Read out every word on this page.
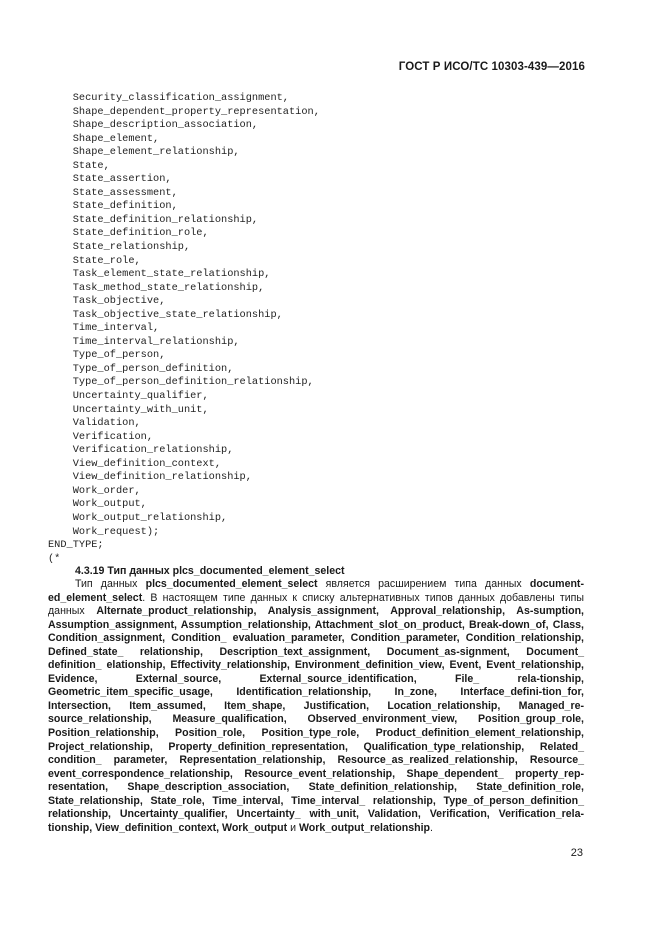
ГОСТ Р ИСО/ТС 10303-439—2016
Security_classification_assignment,
Shape_dependent_property_representation,
Shape_description_association,
Shape_element,
Shape_element_relationship,
State,
State_assertion,
State_assessment,
State_definition,
State_definition_relationship,
State_definition_role,
State_relationship,
State_role,
Task_element_state_relationship,
Task_method_state_relationship,
Task_objective,
Task_objective_state_relationship,
Time_interval,
Time_interval_relationship,
Type_of_person,
Type_of_person_definition,
Type_of_person_definition_relationship,
Uncertainty_qualifier,
Uncertainty_with_unit,
Validation,
Verification,
Verification_relationship,
View_definition_context,
View_definition_relationship,
Work_order,
Work_output,
Work_output_relationship,
Work_request);
END_TYPE;
(*
4.3.19 Тип данных plcs_documented_element_select
Тип данных plcs_documented_element_select является расширением типа данных document-ed_element_select. В настоящем типе данных к списку альтернативных типов данных добавлены типы данных Alternate_product_relationship, Analysis_assignment, Approval_relationship, As-sumption, Assumption_assignment, Assumption_relationship, Attachment_slot_on_product, Break-down_of, Class, Condition_assignment, Condition_ evaluation_parameter, Condition_parameter, Condition_relationship, Defined_state_ relationship, Description_text_assignment, Document_as-signment, Document_ definition_ elationship, Effectivity_relationship, Environment_definition_view, Event, Event_relationship, Evidence, External_source, External_source_identification, File_ rela-tionship, Geometric_item_specific_usage, Identification_relationship, In_zone, Interface_defini-tion_for, Intersection, Item_assumed, Item_shape, Justification, Location_relationship, Managed_re-source_relationship, Measure_qualification, Observed_environment_view, Position_group_role, Position_relationship, Position_role, Position_type_role, Product_definition_element_relationship, Project_relationship, Property_definition_representation, Qualification_type_relationship, Related_ condition_ parameter, Representation_relationship, Resource_as_realized_relationship, Resource_ event_correspondence_relationship, Resource_event_relationship, Shape_dependent_ property_rep-resentation, Shape_description_association, State_definition_relationship, State_definition_role, State_relationship, State_role, Time_interval, Time_interval_ relationship, Type_of_person_definition_ relationship, Uncertainty_qualifier, Uncertainty_ with_unit, Validation, Verification, Verification_rela-tionship, View_definition_context, Work_output и Work_output_relationship.
23
